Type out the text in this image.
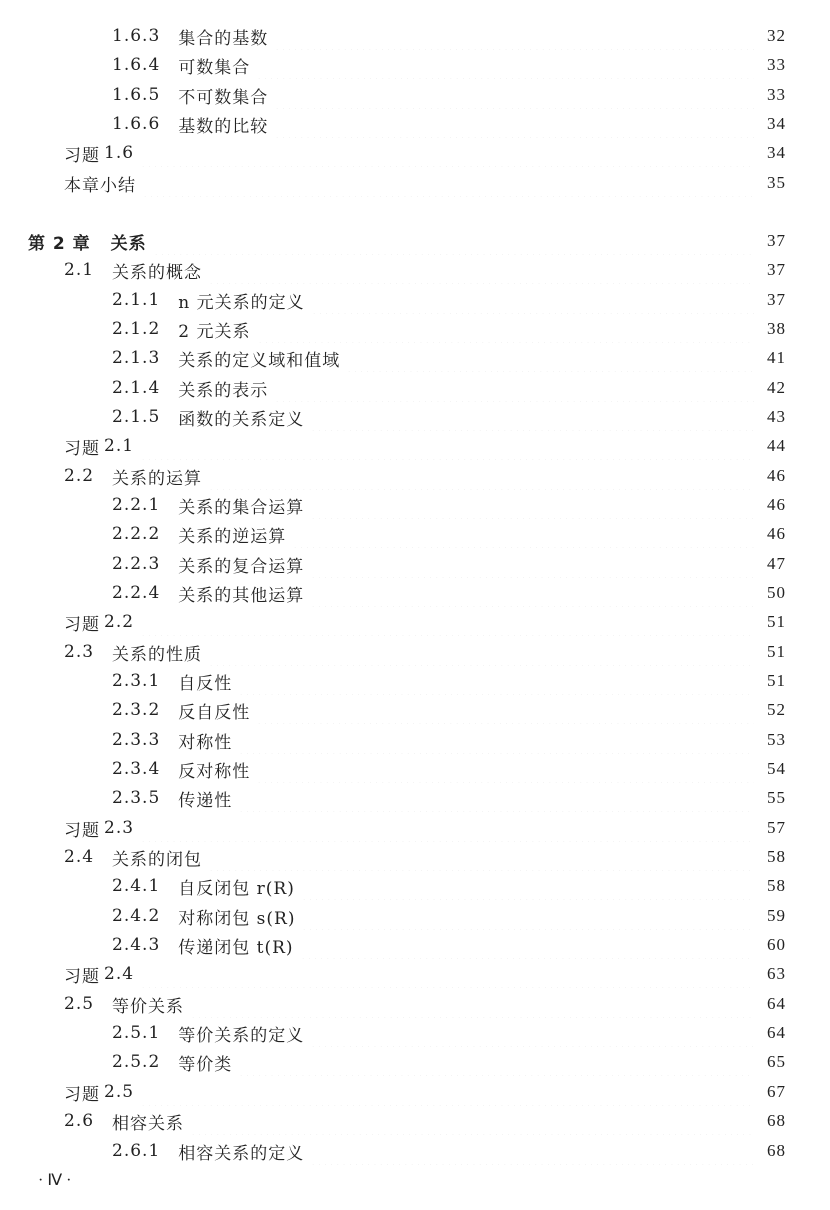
1.6.3 集合的基数	32
1.6.4 可数集合	33
1.6.5 不可数集合	33
1.6.6 基数的比较	34
习题 1.6	34
本章小结	35
第 2 章 关系	37
2.1 关系的概念	37
2.1.1 n 元关系的定义	37
2.1.2 2 元关系	38
2.1.3 关系的定义域和值域	41
2.1.4 关系的表示	42
2.1.5 函数的关系定义	43
习题 2.1	44
2.2 关系的运算	46
2.2.1 关系的集合运算	46
2.2.2 关系的逆运算	46
2.2.3 关系的复合运算	47
2.2.4 关系的其他运算	50
习题 2.2	51
2.3 关系的性质	51
2.3.1 自反性	51
2.3.2 反自反性	52
2.3.3 对称性	53
2.3.4 反对称性	54
2.3.5 传递性	55
习题 2.3	57
2.4 关系的闭包	58
2.4.1 自反闭包 r(R)	58
2.4.2 对称闭包 s(R)	59
2.4.3 传递闭包 t(R)	60
习题 2.4	63
2.5 等价关系	64
2.5.1 等价关系的定义	64
2.5.2 等价类	65
习题 2.5	67
2.6 相容关系	68
2.6.1 相容关系的定义	68
· Ⅳ ·
